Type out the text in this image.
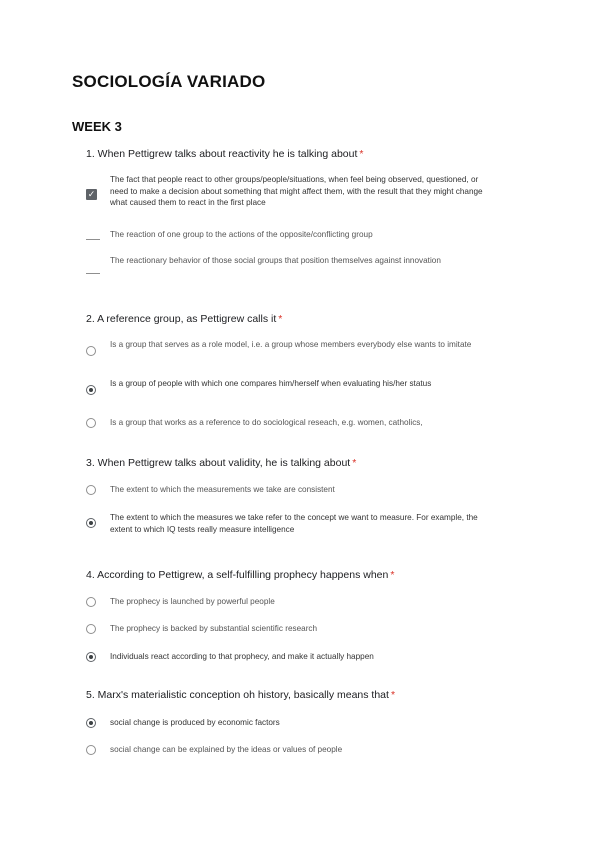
SOCIOLOGÍA VARIADO
WEEK 3

1. When Pettigrew talks about reactivity he is talking about *

✓
The fact that people react to other groups/people/situations, when feel being observed, questioned, or need to make a decision about something that might affect them, with the result that they might change what caused them to react in the first place
The reaction of one group to the actions of the opposite/conflicting group
The reactionary behavior of those social groups that position themselves against innovation

2. A reference group, as Pettigrew calls it *

Is a group that serves as a role model, i.e. a group whose members everybody else wants to imitate
Is a group of people with which one compares him/herself when evaluating his/her status
Is a group that works as a reference to do sociological reseach, e.g. women, catholics,

3. When Pettigrew talks about validity, he is talking about *

The extent to which the measurements we take are consistent
The extent to which the measures we take refer to the concept we want to measure. For example, the extent to which IQ tests really measure intelligence

4. According to Pettigrew, a self-fulfilling prophecy happens when *

The prophecy is launched by powerful people
The prophecy is backed by substantial scientific research
Individuals react according to that prophecy, and make it actually happen

5. Marx's materialistic conception oh history, basically means that *

social change is produced by economic factors
social change can be explained by the ideas or values of people
